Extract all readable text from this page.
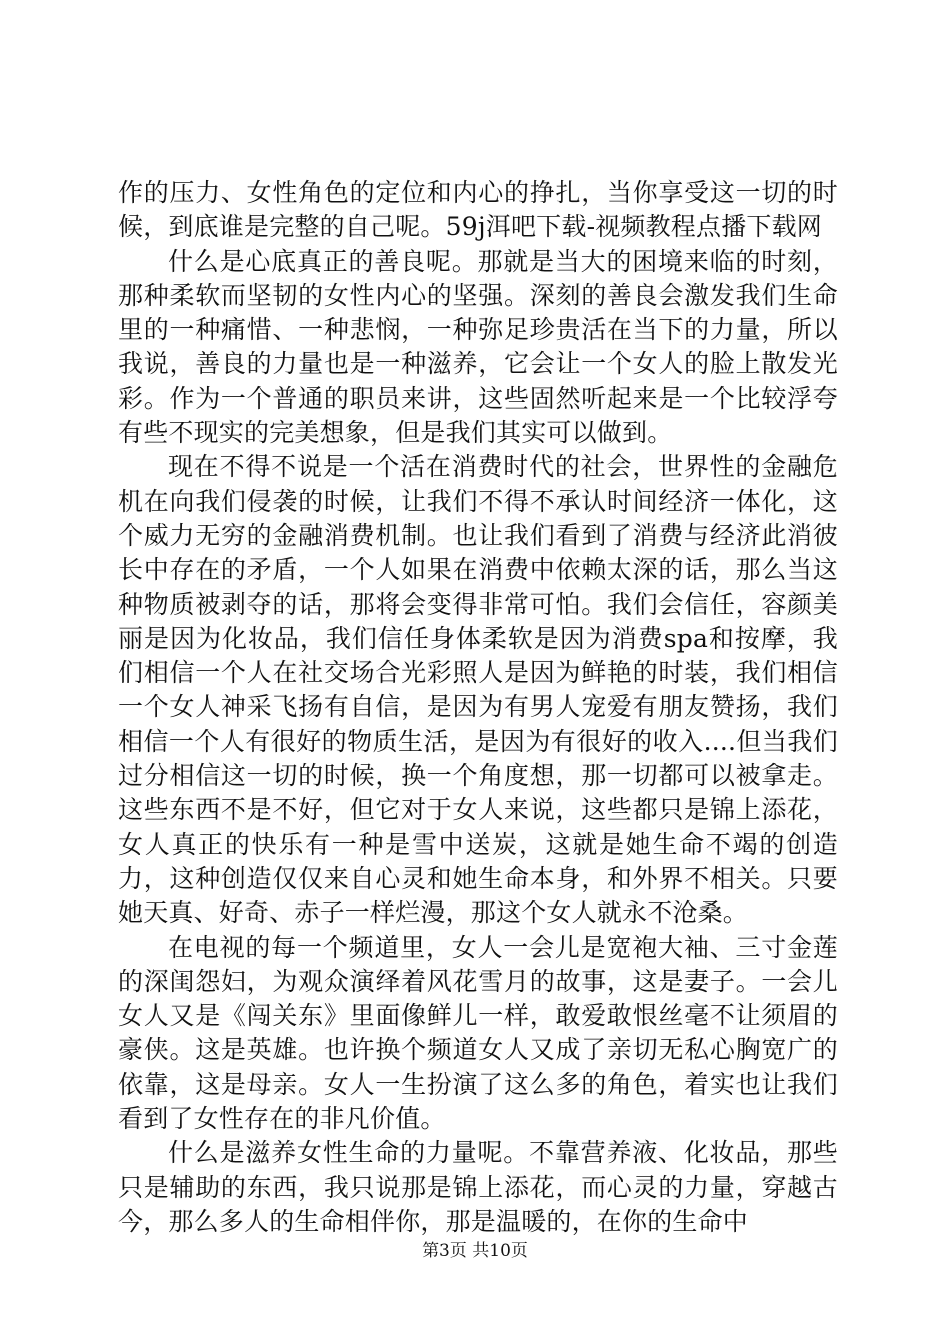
作的压力、女性角色的定位和内心的挣扎，当你享受这一切的时候，到底谁是完整的自己呢。59j洱吧下载-视频教程点播下载网

什么是心底真正的善良呢。那就是当大的困境来临的时刻，那种柔软而坚韧的女性内心的坚强。深刻的善良会激发我们生命里的一种痛惜、一种悲悯，一种弥足珍贵活在当下的力量，所以我说，善良的力量也是一种滋养，它会让一个女人的脸上散发光彩。作为一个普通的职员来讲，这些固然听起来是一个比较浮夸有些不现实的完美想象，但是我们其实可以做到。

现在不得不说是一个活在消费时代的社会，世界性的金融危机在向我们侵袭的时候，让我们不得不承认时间经济一体化，这个威力无穷的金融消费机制。也让我们看到了消费与经济此消彼长中存在的矛盾，一个人如果在消费中依赖太深的话，那么当这种物质被剥夺的话，那将会变得非常可怕。我们会信任，容颜美丽是因为化妆品，我们信任身体柔软是因为消费spa和按摩，我们相信一个人在社交场合光彩照人是因为鲜艳的时装，我们相信一个女人神采飞扬有自信，是因为有男人宠爱有朋友赞扬，我们相信一个人有很好的物质生活，是因为有很好的收入....但当我们过分相信这一切的时候，换一个角度想，那一切都可以被拿走。这些东西不是不好，但它对于女人来说，这些都只是锦上添花，女人真正的快乐有一种是雪中送炭，这就是她生命不竭的创造力，这种创造仅仅来自心灵和她生命本身，和外界不相关。只要她天真、好奇、赤子一样烂漫，那这个女人就永不沧桑。

在电视的每一个频道里，女人一会儿是宽袍大袖、三寸金莲的深闺怨妇，为观众演绎着风花雪月的故事，这是妻子。一会儿女人又是《闯关东》里面像鲜儿一样，敢爱敢恨丝毫不让须眉的豪侠。这是英雄。也许换个频道女人又成了亲切无私心胸宽广的依靠，这是母亲。女人一生扮演了这么多的角色，着实也让我们看到了女性存在的非凡价值。

什么是滋养女性生命的力量呢。不靠营养液、化妆品，那些只是辅助的东西，我只说那是锦上添花，而心灵的力量，穿越古今，那么多人的生命相伴你，那是温暖的，在你的生命中

第3页 共10页
